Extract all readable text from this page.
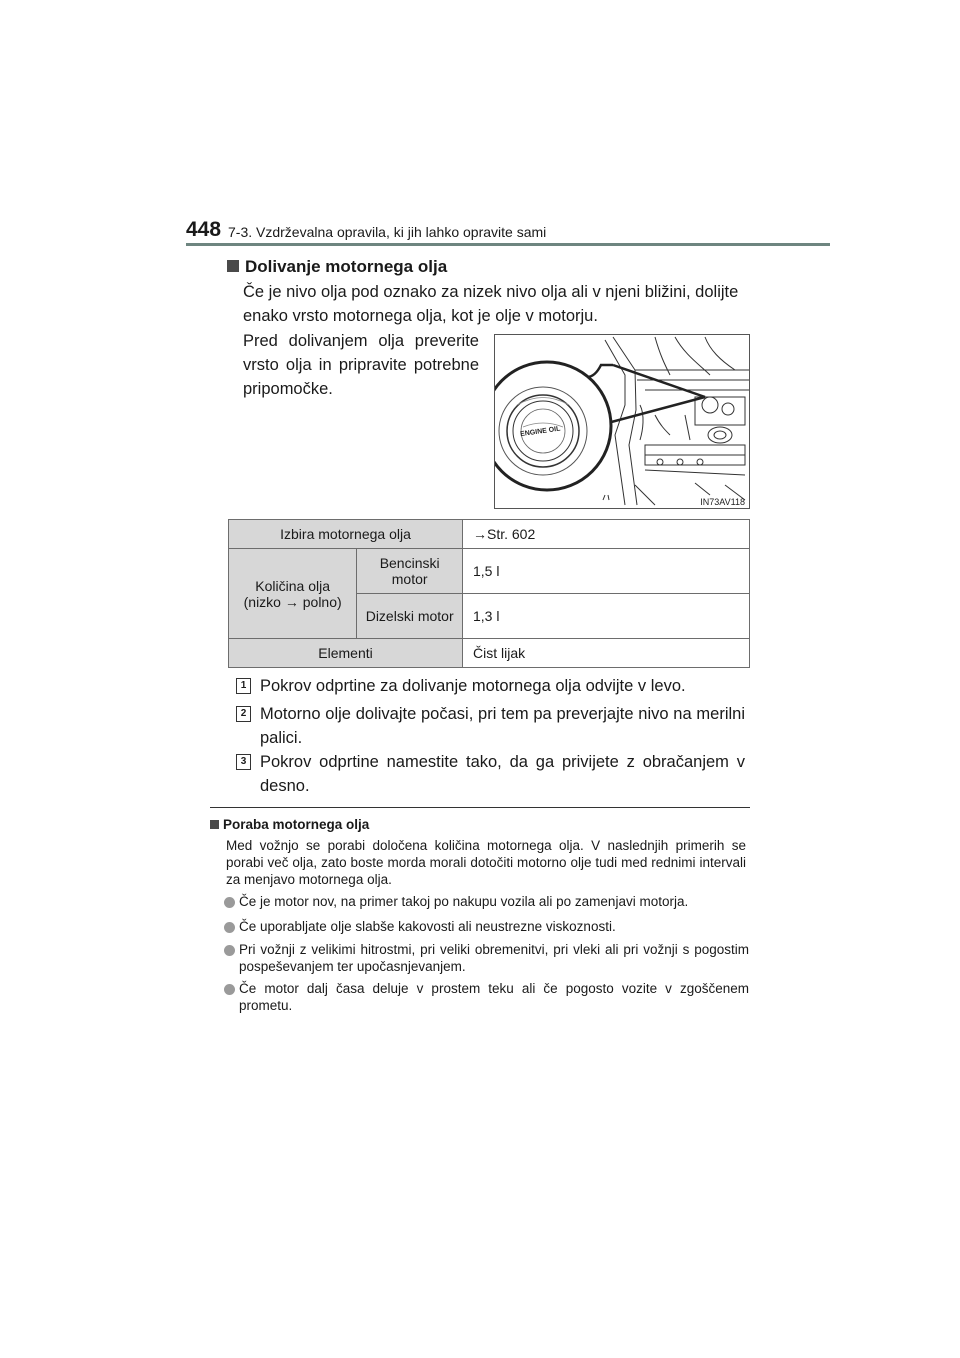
448 7-3. Vzdrževalna opravila, ki jih lahko opravite sami
Dolivanje motornega olja
Če je nivo olja pod oznako za nizek nivo olja ali v njeni bližini, dolijte enako vrsto motornega olja, kot je olje v motorju.
Pred dolivanjem olja preverite vrsto olja in pripravite potrebne pripomočke.
ENGINE OIL
IN73AV118
Izbira motornega olja		→Str. 602
Količina olja (nizko → polno)	Bencinski motor	1,5 l
	Dizelski motor	1,3 l
Elementi		Čist lijak
1 Pokrov odprtine za dolivanje motornega olja odvijte v levo.
2 Motorno olje dolivajte počasi, pri tem pa preverjajte nivo na merilni palici.
3 Pokrov odprtine namestite tako, da ga privijete z obračanjem v desno.
Poraba motornega olja
Med vožnjo se porabi določena količina motornega olja. V naslednjih primerih se porabi več olja, zato boste morda morali dotočiti motorno olje tudi med rednimi intervali za menjavo motornega olja.
Če je motor nov, na primer takoj po nakupu vozila ali po zamenjavi motorja.
Če uporabljate olje slabše kakovosti ali neustrezne viskoznosti.
Pri vožnji z velikimi hitrostmi, pri veliki obremenitvi, pri vleki ali pri vožnji s pogostim pospeševanjem ter upočasnjevanjem.
Če motor dalj časa deluje v prostem teku ali če pogosto vozite v zgoščenem prometu.
